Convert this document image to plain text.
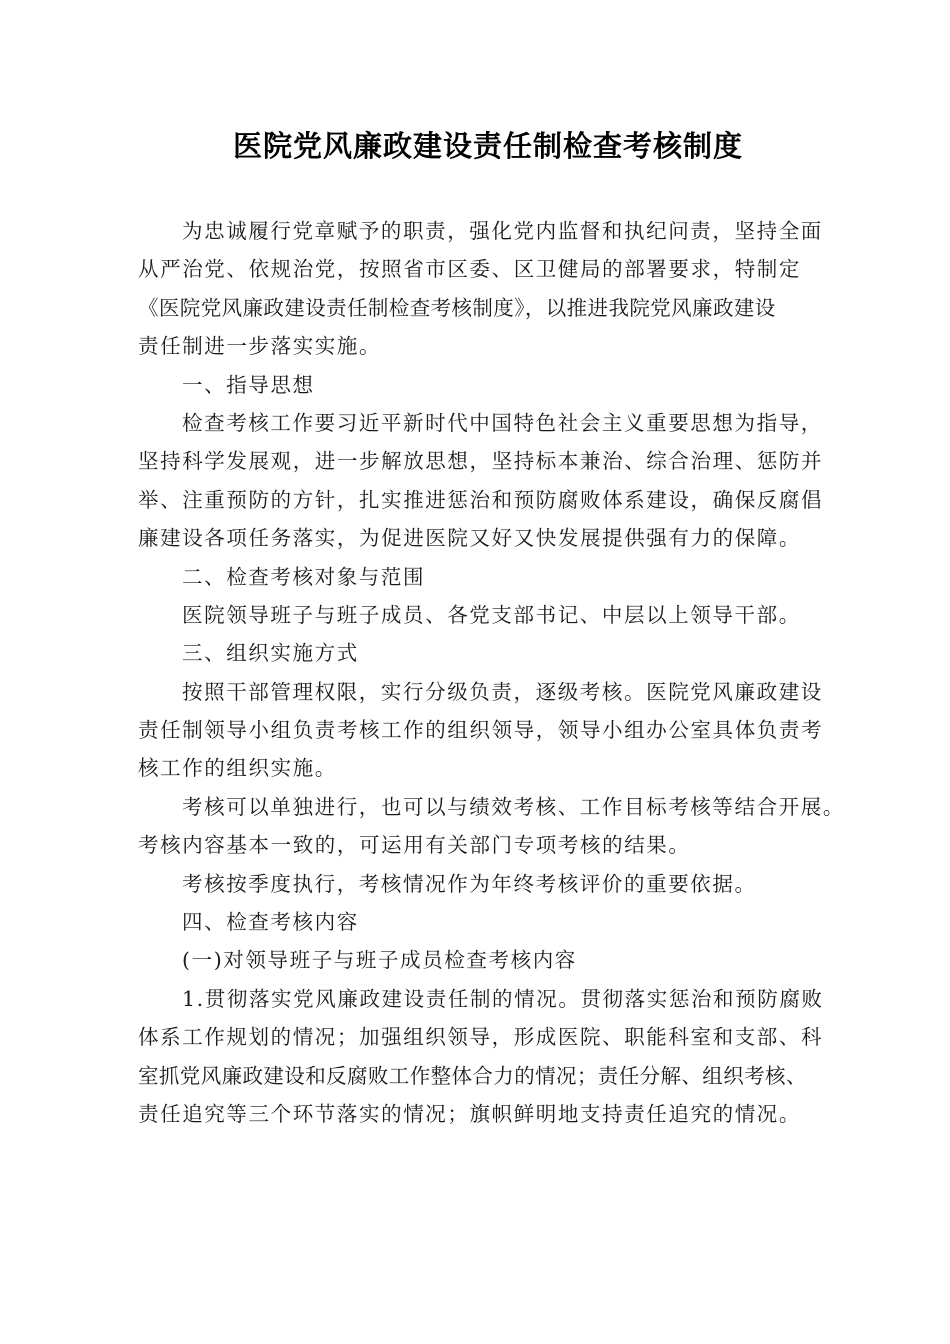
医院党风廉政建设责任制检查考核制度
为忠诚履行党章赋予的职责，强化党内监督和执纪问责，坚持全面
从严治党、依规治党，按照省市区委、区卫健局的部署要求，特制定
《医院党风廉政建设责任制检查考核制度》，以推进我院党风廉政建设
责任制进一步落实实施。
一、指导思想
检查考核工作要习近平新时代中国特色社会主义重要思想为指导，
坚持科学发展观，进一步解放思想，坚持标本兼治、综合治理、惩防并
举、注重预防的方针，扎实推进惩治和预防腐败体系建设，确保反腐倡
廉建设各项任务落实，为促进医院又好又快发展提供强有力的保障。
二、检查考核对象与范围
医院领导班子与班子成员、各党支部书记、中层以上领导干部。
三、组织实施方式
按照干部管理权限，实行分级负责，逐级考核。医院党风廉政建设
责任制领导小组负责考核工作的组织领导，领导小组办公室具体负责考
核工作的组织实施。
考核可以单独进行，也可以与绩效考核、工作目标考核等结合开展。
考核内容基本一致的，可运用有关部门专项考核的结果。
考核按季度执行，考核情况作为年终考核评价的重要依据。
四、检查考核内容
(一)对领导班子与班子成员检查考核内容
1.贯彻落实党风廉政建设责任制的情况。贯彻落实惩治和预防腐败
体系工作规划的情况；加强组织领导，形成医院、职能科室和支部、科
室抓党风廉政建设和反腐败工作整体合力的情况；责任分解、组织考核、
责任追究等三个环节落实的情况；旗帜鲜明地支持责任追究的情况。
